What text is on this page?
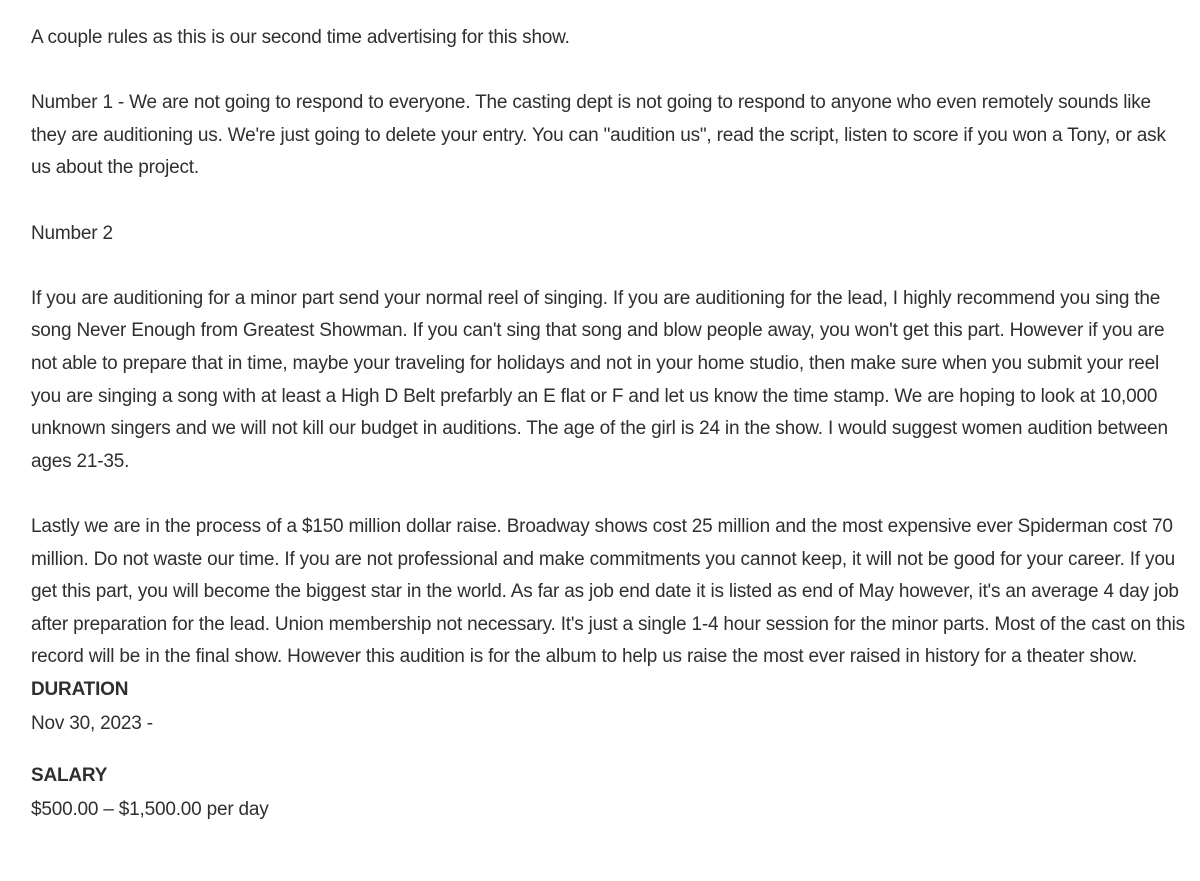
A couple rules as this is our second time advertising for this show.

Number 1 - We are not going to respond to everyone. The casting dept is not going to respond to anyone who even remotely sounds like they are auditioning us. We're just going to delete your entry. You can "audition us", read the script, listen to score if you won a Tony, or ask us about the project.

Number 2

If you are auditioning for a minor part send your normal reel of singing. If you are auditioning for the lead, I highly recommend you sing the song Never Enough from Greatest Showman. If you can't sing that song and blow people away, you won't get this part. However if you are not able to prepare that in time, maybe your traveling for holidays and not in your home studio, then make sure when you submit your reel you are singing a song with at least a High D Belt prefarbly an E flat or F and let us know the time stamp. We are hoping to look at 10,000 unknown singers and we will not kill our budget in auditions. The age of the girl is 24 in the show. I would suggest women audition between ages 21-35.

Lastly we are in the process of a $150 million dollar raise. Broadway shows cost 25 million and the most expensive ever Spiderman cost 70 million. Do not waste our time. If you are not professional and make commitments you cannot keep, it will not be good for your career. If you get this part, you will become the biggest star in the world. As far as job end date it is listed as end of May however, it's an average 4 day job after preparation for the lead. Union membership not necessary. It's just a single 1-4 hour session for the minor parts. Most of the cast on this record will be in the final show. However this audition is for the album to help us raise the most ever raised in history for a theater show.

DURATION

Nov 30, 2023 -

SALARY

$500.00 – $1,500.00 per day
